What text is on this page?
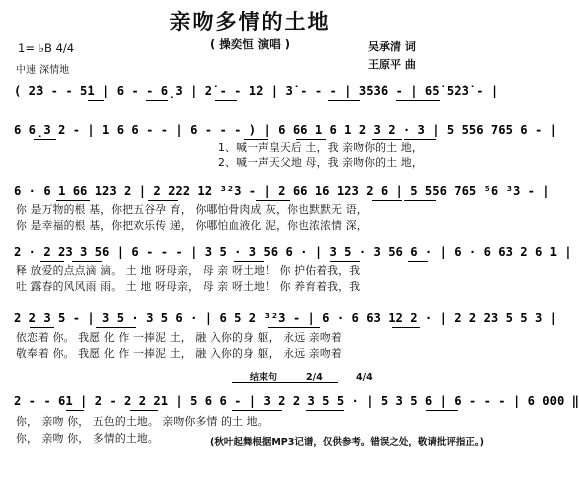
亲吻多情的土地
( 操奕恒 演唱 )	吴承清 词
王原平 曲
1= ♭B 4/4
中速 深情地
( 2̇3 - - 5̇1 | 6 - - 6̣3 | 2̇ - - 1̇2 | 3̇ - - - | 3̇5̇3̇6 - | 6̇5̇ 5̇2̇3̇ - |
6 6̣3 2 - | 1 6 6 - - | 6 - - - ) | 6 66 1 6 1 2 3 2 · 3 | 5 556 765 6 - |
1、喊一声皇天后 土，我 亲吻你的土 地，
2、喊一声天父地 母，我 亲吻你的土 地，
6 · 6 1 66 123 2 | 2 222 12 ³²3 - | 2 66 16 123 2 6 | 5 556 765 ⁵6 ³3 - |
你 是万物的根 基，你把五谷孕 育， 你哪怕骨肉成 灰，你也默默无 语，
你 是幸福的根 基，你把欢乐传 递， 你哪怕血液化 泥，你也浓浓情 深，
2 · 2 23 3 56 | 6 - - - | 3 5 · 3 56 6 · | 3 5 · 3 56 6 · | 6 · 6 63 2 6 1 |
释 放爱的点点滴 滴。 土 地 呀母亲， 母 亲 呀土地！ 你 护佑着我，我
吐 露春的风风雨 雨。 土 地 呀母亲， 母 亲 呀土地！ 你 养育着我，我
2 2 3 5 - | 3 5 · 3 5 6 · | 6 5 2 ³²3 - | 6 · 6 63 12 2 · | 2 2 23 5 5 3 |
依恋着 你。 我愿 化 作 一捧泥 土， 融 入你的身 躯， 永远 亲吻着
敬奉着 你。 我愿 化 作 一捧泥 土， 融 入你的身 躯， 永远 亲吻着
结束句	2/4	4/4
2 - - 61 | 2 - 2 2 21 | 5 6 6 - | 3 2 2 3 5 5 · | 5 3 5 6 | 6 - - - | 6 000 ‖
你， 亲吻 你， 五色的土地。 亲吻你多情 的土 地。
你， 亲吻 你， 多情的土地。	(秋叶起舞根据MP3记谱，仅供参考。错误之处，敬请批评指正。)
